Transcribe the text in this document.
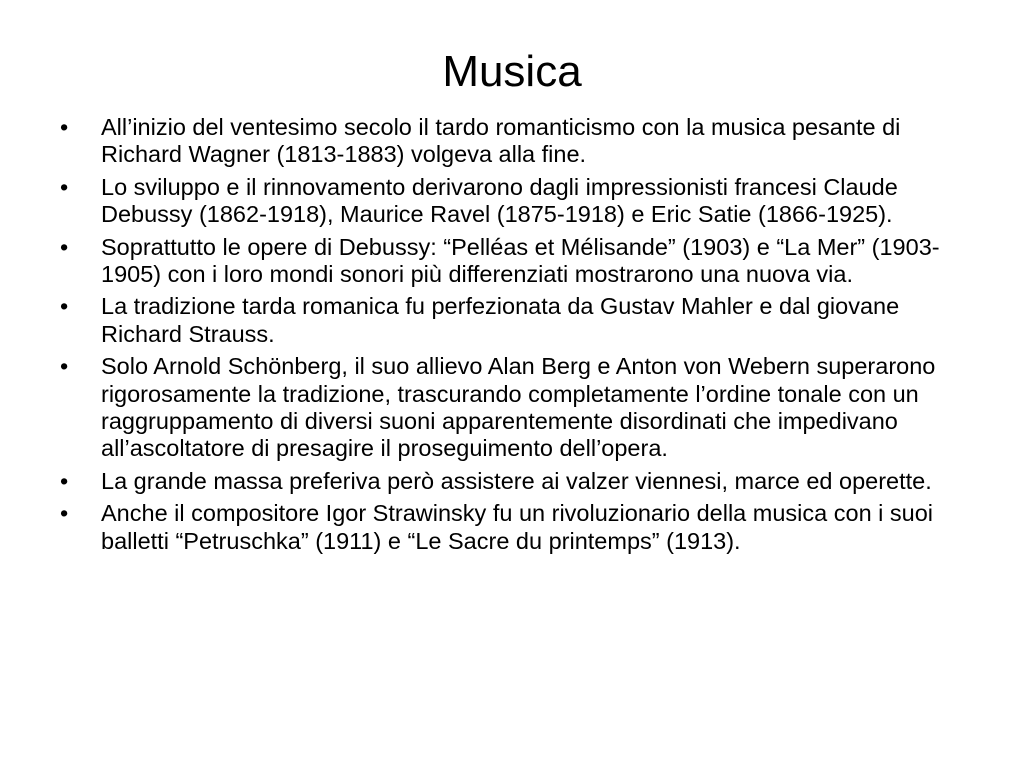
Musica
• All’inizio del ventesimo secolo il tardo romanticismo con la musica pesante di Richard Wagner (1813-1883) volgeva alla fine.
• Lo sviluppo e il rinnovamento derivarono dagli impressionisti francesi Claude Debussy (1862-1918), Maurice Ravel (1875-1918) e Eric Satie (1866-1925).
• Soprattutto le opere di Debussy: “Pelléas et Mélisande” (1903) e “La Mer” (1903-1905) con i loro mondi sonori più differenziati mostrarono una nuova via.
• La tradizione tarda romanica fu perfezionata da Gustav Mahler e dal giovane Richard Strauss.
• Solo Arnold Schönberg, il suo allievo Alan Berg e Anton von Webern superarono rigorosamente la tradizione, trascurando completamente l’ordine tonale con un raggruppamento di diversi suoni apparentemente disordinati che impedivano all’ascoltatore di presagire il proseguimento dell’opera.
• La grande massa preferiva però assistere ai valzer viennesi, marce ed operette.
• Anche il compositore Igor Strawinsky fu un rivoluzionario della musica con i suoi balletti “Petruschka” (1911) e “Le Sacre du printemps” (1913).
